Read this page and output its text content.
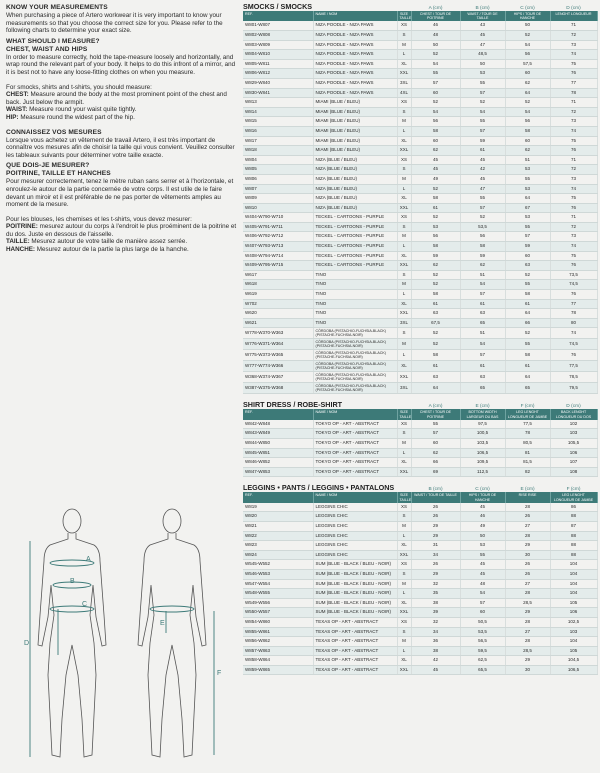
KNOW YOUR MEASUREMENTS

When purchasing a piece of Artero workwear it is very important to know your measurements so that you choose the correct size for you. Please refer to the following charts to determine your exact size.

WHAT SHOULD I MEASURE?
CHEST, WAIST AND HIPS

In order to measure correctly, hold the tape-measure loosely and horizontally, and wrap round the relevant part of your body. It helps to do this infront of a mirror, and it is best not to have any loose-fitting clothes on when you measure.

For smocks, shirts and t-shirts, you should measure:

CHEST: Measure around the body at the most prominent point of the chest and back. Just below the armpit.

WAIST: Measure round your waist quite tightly.

HIP: Measure round the widest part of the hip.

CONNAISSEZ VOS MESURES

Lorsque vous achetez un vêtement de travail Artero, il est très important de connaître vos mesures afin de choisir la taille qui vous convient. Veuillez consulter les tableaux suivants pour déterminer votre taille exacte.

QUE DOIS-JE MESURER?
POITRINE, TAILLE ET HANCHES

Pour mesurer correctement, tenez le mètre ruban sans serrer et à l'horizontale, et enroulez-le autour de la partie concernée de votre corps. Il est utile de le faire devant un miroir et il est préférable de ne pas porter de vêtements amples au moment de la mesure.

Pour les blouses, les chemises et les t-shirts, vous devez mesurer:

POITRINE: mesurez autour du corps à l'endroit le plus proéminent de la poitrine et du dos. Juste en dessous de l'aisselle.

TAILLE: Mesurez autour de votre taille de manière assez serrée.

HANCHE: Mesurez autour de la partie la plus large de la hanche.

A
B
C
D
E
F
SMOCKS / SMOCKS	A (cm)	B (cm)	C (cm)	D (cm)
REF.	NAME / NOM	SIZE TAILLE	CHEST / TOUR DE POITRINE	WAIST / TOUR DE TAILLE	HIPS / TOUR DE HANCHE	LENGHT LONGUEUR
W801-W807	NIZA POODLE - NIZA PAWS	XS	46	43	50	71
W802-W808	NIZA POODLE - NIZA PAWS	S	48	45	52	72
W803-W809	NIZA POODLE - NIZA PAWS	M	50	47	54	73
W804-W810	NIZA POODLE - NIZA PAWS	L	52	48,5	56	74
W805-W811	NIZA POODLE - NIZA PAWS	XL	54	50	57,5	75
W806-W812	NIZA POODLE - NIZA PAWS	XXL	55	53	60	76
W829-W840	NIZA POODLE - NIZA PAWS	3XL	57	55	62	77
W830-W841	NIZA POODLE - NIZA PAWS	4XL	60	57	64	78
W813	MIAMI (BLUE / BLEU)	XS	52	52	52	71
W814	MIAMI (BLUE / BLEU)	S	54	54	54	72
W815	MIAMI (BLUE / BLEU)	M	56	55	56	73
W816	MIAMI (BLUE / BLEU)	L	58	57	58	74
W817	MIAMI (BLUE / BLEU)	XL	60	59	60	75
W818	MIAMI (BLUE / BLEU)	XXL	62	61	62	76
W804	NIZA (BLUE / BLEU)	XS	45	45	51	71
W805	NIZA (BLUE / BLEU)	S	45	42	53	72
W806	NIZA (BLUE / BLEU)	M	49	45	55	73
W807	NIZA (BLUE / BLEU)	L	52	47	53	74
W809	NIZA (BLUE / BLEU)	XL	58	55	64	75
W810	NIZA (BLUE / BLEU)	XXL	61	57	67	76
W404-W790-W710	TECKEL - CARTOONS - PURPLE	XS	52	52	53	71
W405-W791-W711	TECKEL - CARTOONS - PURPLE	S	53	53,5	55	72
W406-W792-W712	TECKEL - CARTOONS - PURPLE	M	56	56	57	73
W407-W793-W713	TECKEL - CARTOONS - PURPLE	L	58	58	59	74
W408-W794-W714	TECKEL - CARTOONS - PURPLE	XL	59	59	60	75
W409-W795-W715	TECKEL - CARTOONS - PURPLE	XXL	62	62	63	76
W617	TINO	S	52	51	52	73,5
W618	TINO	M	52	54	55	74,5
W619	TINO	L	58	57	58	76
W702	TINO	XL	61	61	61	77
W620	TINO	XXL	63	63	64	78
W621	TINO	3XL	67,5	65	66	80
W778-W370-W363	CÓRDOBA (PISTACHIO-FUCHSIA-BLACK) (PISTACHE-FUCHSIA-NOIR)	S	52	51	52	74
W776-W371-W364	CÓRDOBA (PISTACHIO-FUCHSIA-BLACK) (PISTACHE-FUCHSIA-NOIR)	M	52	54	55	74,5
W775-W373-W365	CÓRDOBA (PISTACHIO-FUCHSIA-BLACK) (PISTACHE-FUCHSIA-NOIR)	L	58	57	58	76
W777-W774-W366	CÓRDOBA (PISTACHIO-FUCHSIA-BLACK) (PISTACHE-FUCHSIA-NOIR)	XL	61	61	61	77,5
W368-W374-W367	CÓRDOBA (PISTACHIO-FUCHSIA-BLACK) (PISTACHE-FUCHSIA-NOIR)	XXL	63	63	64	78,5
W387-W375-W368	CÓRDOBA (PISTACHIO-FUCHSIA-BLACK) (PISTACHE-FUCHSIA-NOIR)	3XL	64	65	65	79,5
SHIRT DRESS / ROBE-SHIRT	A (cm)	E (cm)	F (cm)	D (cm)
REF.	NAME / NOM	SIZE TAILLE	CHEST / TOUR DE POITRINE	BOTTOM WIDTH LARGEUR DU BAS	LEG LENGHT LONGUEUR DE JAMBE	BACK LENGHT LONGUEUR DU DOS
W842-W848	TOKYO OP - ART - ABSTRACT	XS	55	97,5	77,5	102
W843-W849	TOKYO OP - ART - ABSTRACT	S	57	100,5	78	103
W844-W850	TOKYO OP - ART - ABSTRACT	M	60	103,5	80,5	105,5
W845-W851	TOKYO OP - ART - ABSTRACT	L	62	106,5	81	106
W846-W852	TOKYO OP - ART - ABSTRACT	XL	66	109,5	81,5	107
W847-W853	TOKYO OP - ART - ABSTRACT	XXL	69	112,5	82	108
LEGGINS • PANTS / LEGGINS • PANTALONS	B (cm)	C (cm)	E (cm)	F (cm)
REF.	NAME / NOM	SIZE TAILLE	WAIST / TOUR DE TAILLE	HIPS / TOUR DE HANCHE	RISE RISE	LEG LENGHT LONGUEUR DE JAMBE
W819	LEGGINS CHIC	XS	26	45	28	86
W820	LEGGINS CHIC	S	26	46	26	88
W821	LEGGINS CHIC	M	29	49	27	87
W822	LEGGINS CHIC	L	29	50	28	88
W823	LEGGINS CHIC	XL	31	53	29	88
W824	LEGGINS CHIC	XXL	34	55	30	88
W545-W552	SUM (BLUE - BLACK / BLEU - NOIR)	XS	26	45	26	104
W546-W553	SUM (BLUE - BLACK / BLEU - NOIR)	S	29	45	26	104
W547-W554	SUM (BLUE - BLACK / BLEU - NOIR)	M	32	48	27	104
W548-W555	SUM (BLUE - BLACK / BLEU - NOIR)	L	35	54	28	104
W549-W556	SUM (BLUE - BLACK / BLEU - NOIR)	XL	38	57	28,5	105
W550-W557	SUM (BLUE - BLACK / BLEU - NOIR)	XXL	39	60	29	106
W854-W860	TEXAS OP - ART - ABSTRACT	XS	32	50,5	28	102,5
W855-W861	TEXAS OP - ART - ABSTRACT	S	34	53,5	27	103
W856-W862	TEXAS OP - ART - ABSTRACT	M	36	56,5	28	104
W857-W863	TEXAS OP - ART - ABSTRACT	L	38	59,5	28,5	105
W858-W864	TEXAS OP - ART - ABSTRACT	XL	42	62,5	29	104,5
W859-W865	TEXAS OP - ART - ABSTRACT	XXL	45	65,5	30	106,5
